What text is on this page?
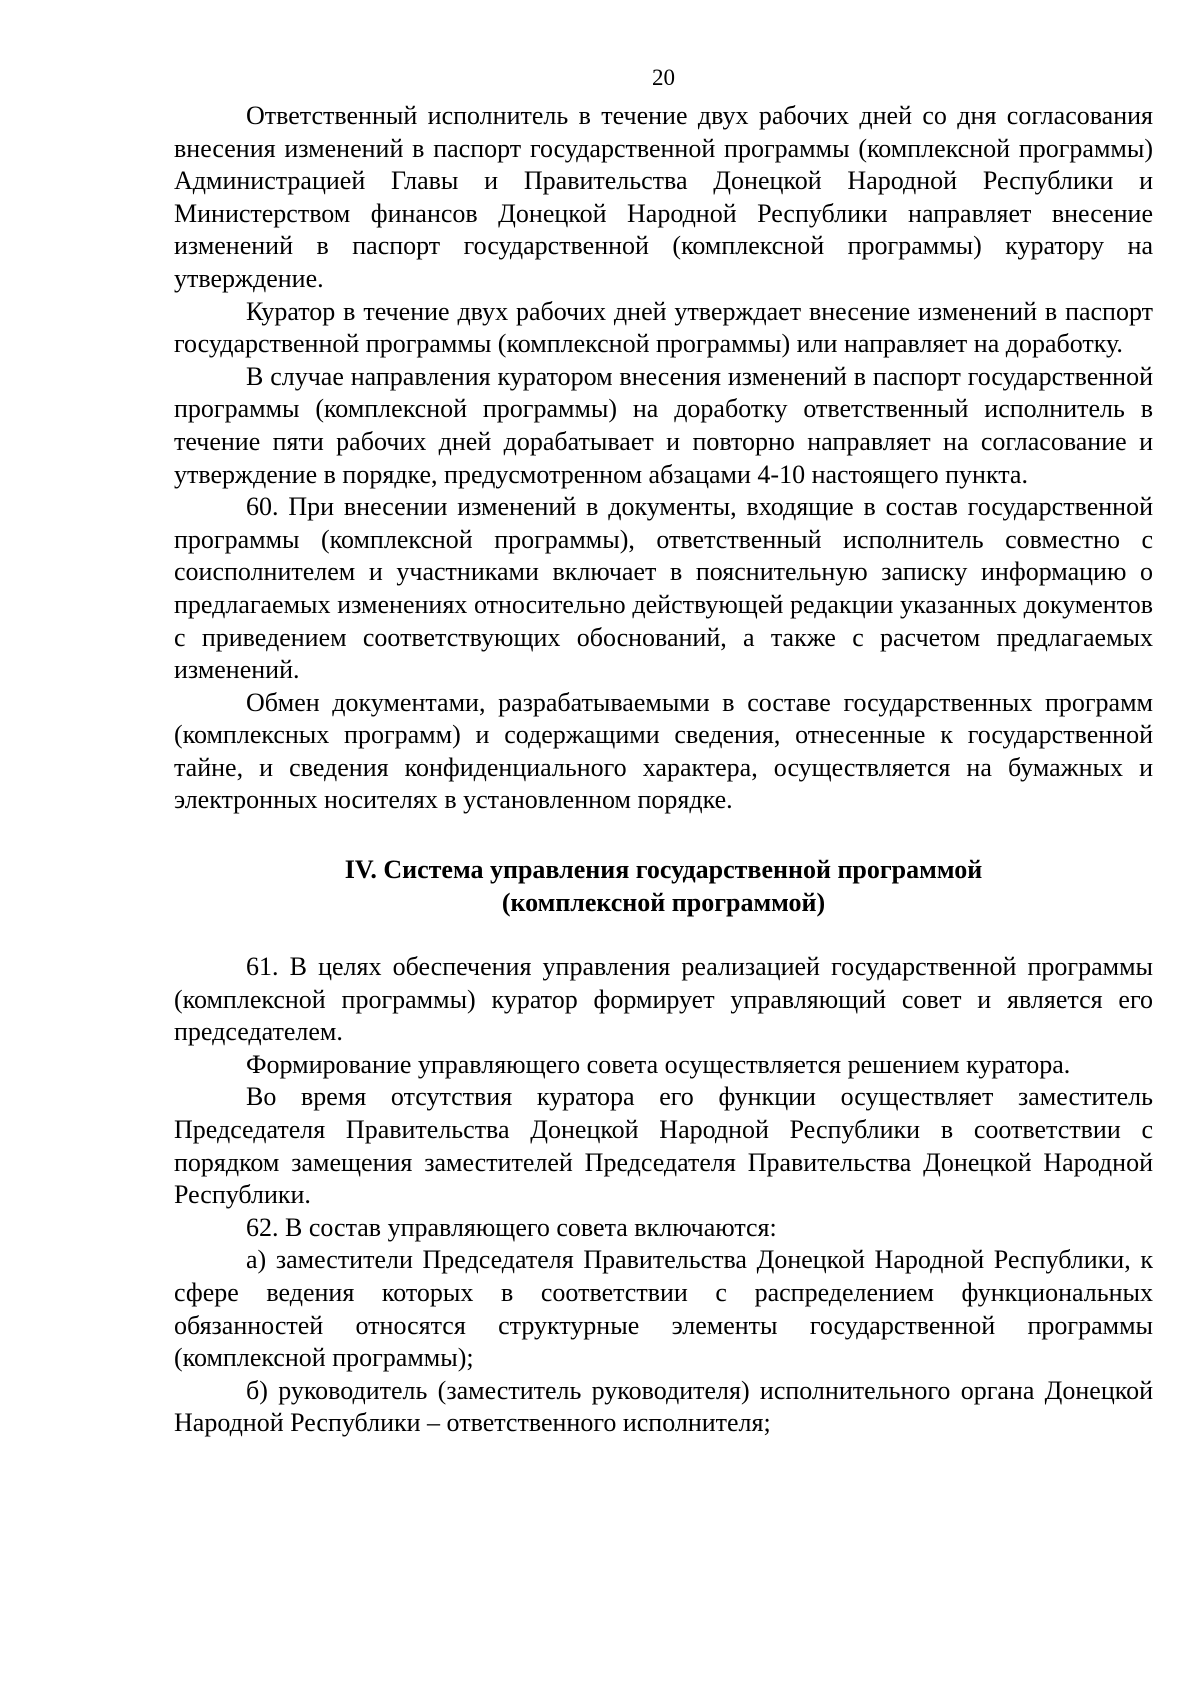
20

Ответственный исполнитель в течение двух рабочих дней со дня согласования внесения изменений в паспорт государственной программы (комплексной программы) Администрацией Главы и Правительства Донецкой Народной Республики и Министерством финансов Донецкой Народной Республики направляет внесение изменений в паспорт государственной (комплексной программы) куратору на утверждение.

Куратор в течение двух рабочих дней утверждает внесение изменений в паспорт государственной программы (комплексной программы) или направляет на доработку.

В случае направления куратором внесения изменений в паспорт государственной программы (комплексной программы) на доработку ответственный исполнитель в течение пяти рабочих дней дорабатывает и повторно направляет на согласование и утверждение в порядке, предусмотренном абзацами 4-10 настоящего пункта.

60. При внесении изменений в документы, входящие в состав государственной программы (комплексной программы), ответственный исполнитель совместно с соисполнителем и участниками включает в пояснительную записку информацию о предлагаемых изменениях относительно действующей редакции указанных документов с приведением соответствующих обоснований, а также с расчетом предлагаемых изменений.

Обмен документами, разрабатываемыми в составе государственных программ (комплексных программ) и содержащими сведения, отнесенные к государственной тайне, и сведения конфиденциального характера, осуществляется на бумажных и электронных носителях в установленном порядке.

IV. Система управления государственной программой
(комплексной программой)

61. В целях обеспечения управления реализацией государственной программы (комплексной программы) куратор формирует управляющий совет и является его председателем.

Формирование управляющего совета осуществляется решением куратора.

Во время отсутствия куратора его функции осуществляет заместитель Председателя Правительства Донецкой Народной Республики в соответствии с порядком замещения заместителей Председателя Правительства Донецкой Народной Республики.

62. В состав управляющего совета включаются:

а) заместители Председателя Правительства Донецкой Народной Республики, к сфере ведения которых в соответствии с распределением функциональных обязанностей относятся структурные элементы государственной программы (комплексной программы);

б) руководитель (заместитель руководителя) исполнительного органа Донецкой Народной Республики – ответственного исполнителя;
